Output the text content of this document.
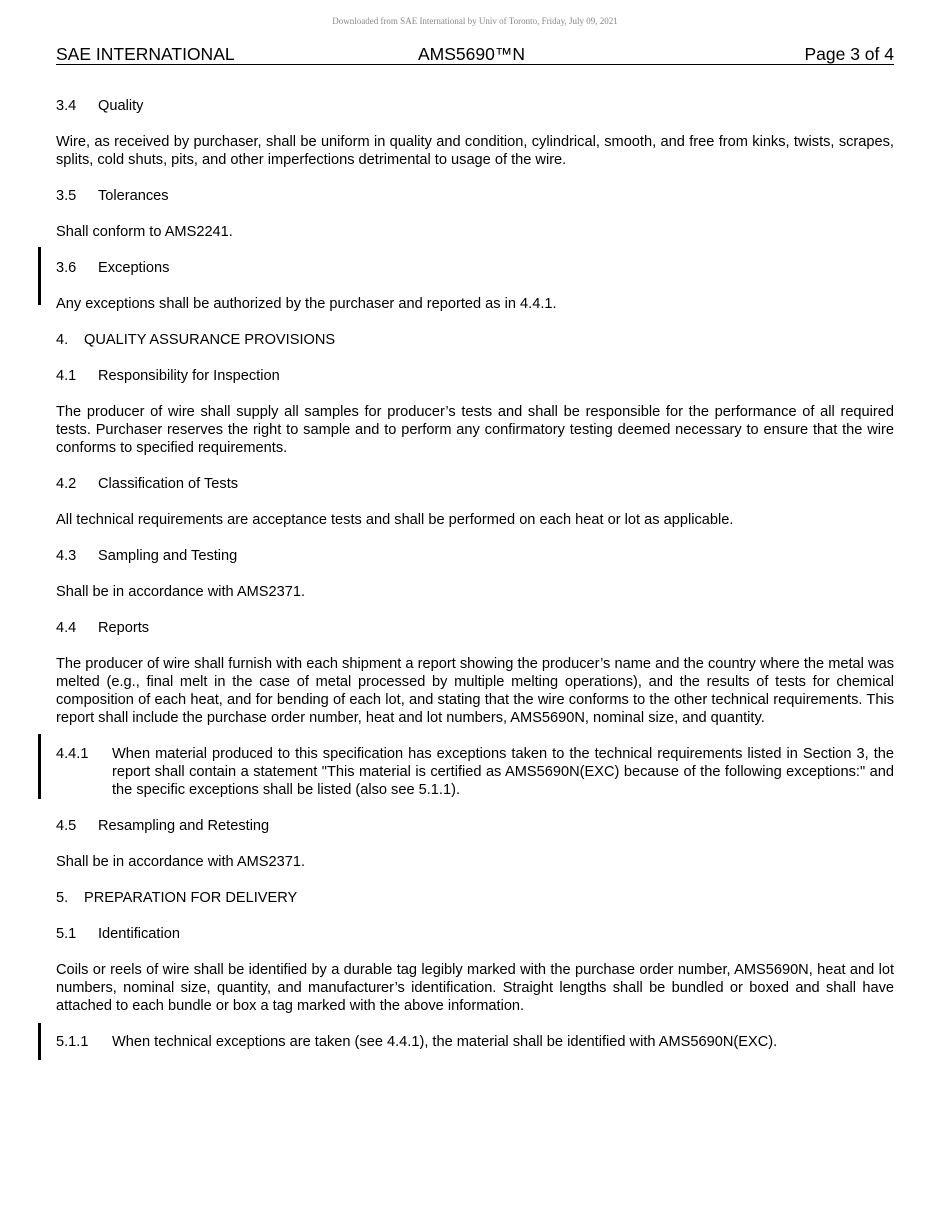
Downloaded from SAE International by Univ of Toronto, Friday, July 09, 2021
SAE INTERNATIONAL	AMS5690™N	Page 3 of 4
3.4 Quality

Wire, as received by purchaser, shall be uniform in quality and condition, cylindrical, smooth, and free from kinks, twists, scrapes, splits, cold shuts, pits, and other imperfections detrimental to usage of the wire.

3.5 Tolerances

Shall conform to AMS2241.

3.6 Exceptions

Any exceptions shall be authorized by the purchaser and reported as in 4.4.1.

4. QUALITY ASSURANCE PROVISIONS
4.1 Responsibility for Inspection

The producer of wire shall supply all samples for producer’s tests and shall be responsible for the performance of all required tests. Purchaser reserves the right to sample and to perform any confirmatory testing deemed necessary to ensure that the wire conforms to specified requirements.

4.2 Classification of Tests

All technical requirements are acceptance tests and shall be performed on each heat or lot as applicable.

4.3 Sampling and Testing

Shall be in accordance with AMS2371.

4.4 Reports

The producer of wire shall furnish with each shipment a report showing the producer’s name and the country where the metal was melted (e.g., final melt in the case of metal processed by multiple melting operations), and the results of tests for chemical composition of each heat, and for bending of each lot, and stating that the wire conforms to the other technical requirements. This report shall include the purchase order number, heat and lot numbers, AMS5690N, nominal size, and quantity.

4.4.1 When material produced to this specification has exceptions taken to the technical requirements listed in Section 3, the report shall contain a statement "This material is certified as AMS5690N(EXC) because of the following exceptions:" and the specific exceptions shall be listed (also see 5.1.1).
4.5 Resampling and Retesting

Shall be in accordance with AMS2371.

5. PREPARATION FOR DELIVERY
5.1 Identification

Coils or reels of wire shall be identified by a durable tag legibly marked with the purchase order number, AMS5690N, heat and lot numbers, nominal size, quantity, and manufacturer’s identification. Straight lengths shall be bundled or boxed and shall have attached to each bundle or box a tag marked with the above information.

5.1.1 When technical exceptions are taken (see 4.4.1), the material shall be identified with AMS5690N(EXC).
